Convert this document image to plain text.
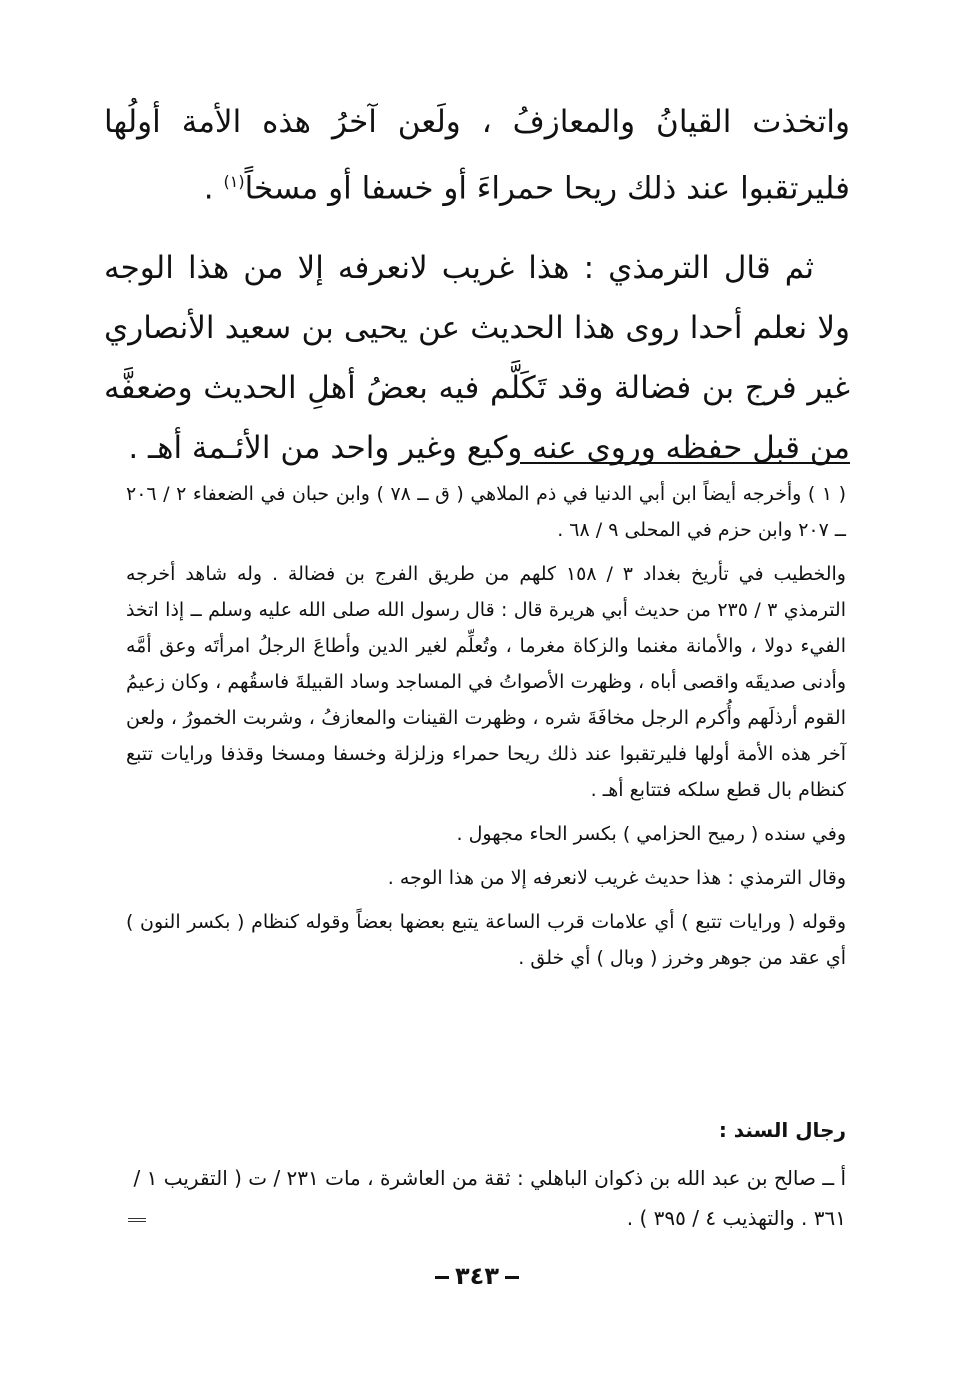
واتخذت القيانُ والمعازفُ ، ولَعن آخرُ هذه الأمة أولُها فليرتقبوا عند ذلك ريحا حمراءَ أو خسفا أو مسخاً$^{(١)}$ .

ثم قال الترمذي : هذا غريب لانعرفه إلا من هذا الوجه ولا نعلم أحدا روى هذا الحديث عن يحيى بن سعيد الأنصاري غير فرج بن فضالة وقد تَكَلَّم فيه بعضُ أهلِ الحديث وضعفَّه من قبل حفظه وروى عنه وكيع وغير واحد من الأئـمة أهـ .

( ١ ) وأخرجه أيضاً ابن أبي الدنيا في ذم الملاهي ( ق ــ ٧٨ ) وابن حبان في الضعفاء ٢ / ٢٠٦ ــ ٢٠٧ وابن حزم في المحلى ٩ / ٦٨ .

والخطيب في تأريخ بغداد ٣ / ١٥٨ كلهم من طريق الفرج بن فضالة . وله شاهد أخرجه الترمذي ٣ / ٢٣٥ من حديث أبي هريرة قال : قال رسول الله صلى الله عليه وسلم ــ إذا اتخذ الفيء دولا ، والأمانة مغنما والزكاة مغرما ، وتُعلِّم لغير الدين وأطاعَ الرجلُ امرأتَه وعق أمَّه وأدنى صديقَه واقصى أباه ، وظهرت الأصواتُ في المساجد وساد القبيلةَ فاسقُهم ، وكان زعيمُ القوم أرذلَهم وأُكرم الرجل مخافَةَ شره ، وظهرت القينات والمعازفُ ، وشربت الخمورُ ، ولعن آخر هذه الأمة أولها فليرتقبوا عند ذلك ريحا حمراء وزلزلة وخسفا ومسخا وقذفا ورايات تتبع كنظام بال قطع سلكه فتتابع أهـ .

وفي سنده ( رميح الحزامي ) بكسر الحاء مجهول .

وقال الترمذي : هذا حديث غريب لانعرفه إلا من هذا الوجه .

وقوله ( ورايات تتبع ) أي علامات قرب الساعة يتبع بعضها بعضاً وقوله كنظام ( بكسر النون ) أي عقد من جوهر وخرز ( وبال ) أي خلق .

رجال السند :

أ ــ صالح بن عبد الله بن ذكوان الباهلي : ثقة من العاشرة ، مات ٢٣١ / ت ( التقريب ١ / ٣٦١ . والتهذيب ٤ / ٣٩٥ ) .

٣٤٣
